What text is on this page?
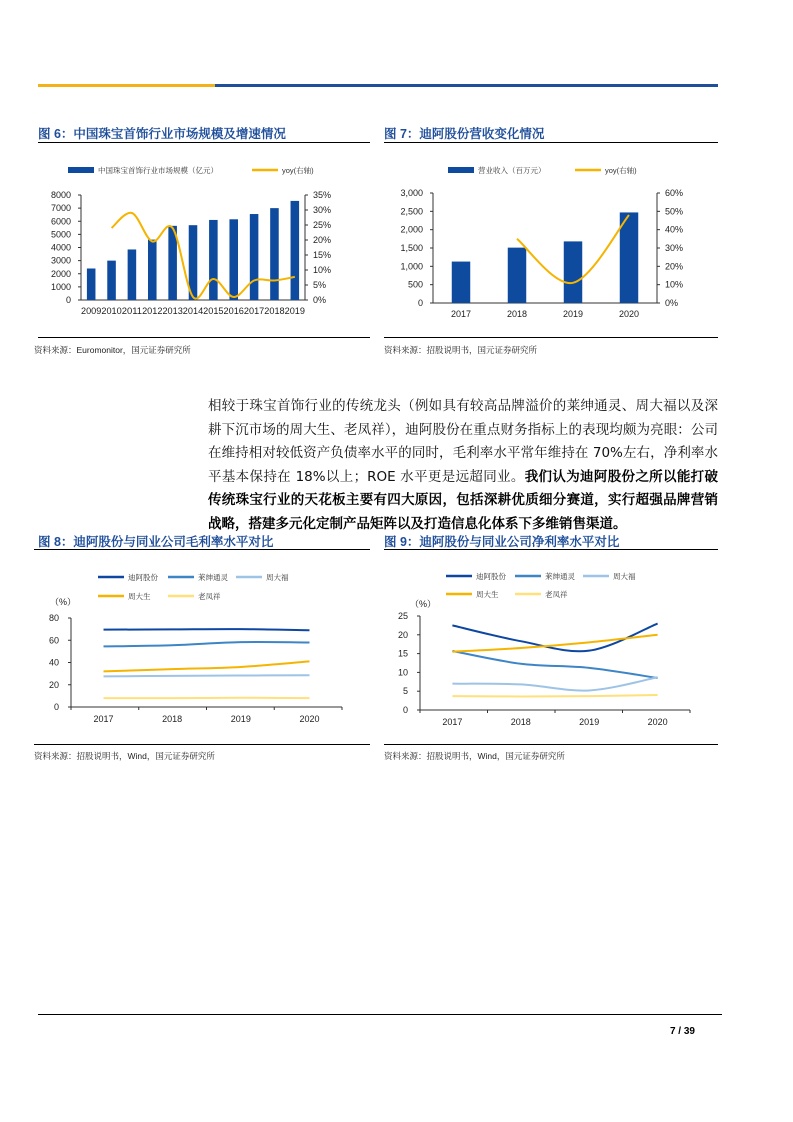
图 6：中国珠宝首饰行业市场规模及增速情况
资料来源：Euromonitor，国元证券研究所
图 7：迪阿股份营收变化情况
资料来源：招股说明书，国元证券研究所
相较于珠宝首饰行业的传统龙头（例如具有较高品牌溢价的莱绅通灵、周大福以及深耕下沉市场的周大生、老凤祥），迪阿股份在重点财务指标上的表现均颇为亮眼：公司在维持相对较低资产负债率水平的同时，毛利率水平常年维持在 70%左右，净利率水平基本保持在 18%以上；ROE 水平更是远超同业。我们认为迪阿股份之所以能打破传统珠宝行业的天花板主要有四大原因，包括深耕优质细分赛道，实行超强品牌营销战略，搭建多元化定制产品矩阵以及打造信息化体系下多维销售渠道。
图 8：迪阿股份与同业公司毛利率水平对比
资料来源：招股说明书，Wind，国元证券研究所
图 9：迪阿股份与同业公司净利率水平对比
资料来源：招股说明书，Wind，国元证券研究所
0
1000
2000
3000
4000
5000
6000
7000
8000
0%
5%
10%
15%
20%
25%
30%
35%
2009 2010 2011 2012 2013 2014 2015 2016 2017 2018 2019
中国珠宝首饰行业市场规模（亿元）	yoy(右轴)
0
500
1,000
1,500
2,000
2,500
3,000
0%
10%
20%
30%
40%
50%
60%
2017	2018	2019	2020
营业收入（百万元）	yoy(右轴)
0
20
40
60
80
2017	2018	2019	2020
迪阿股份	莱绅通灵	周大福
周大生	老凤祥
（%）
0
5
10
15
20
25
2017	2018	2019	2020
迪阿股份	莱绅通灵	周大福
周大生	老凤祥
（%）
7 / 39
